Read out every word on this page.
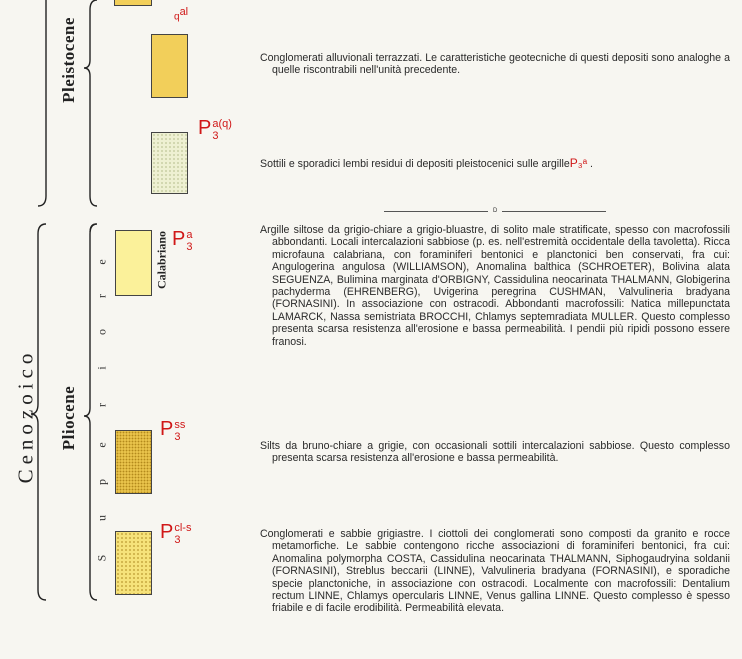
Cenozoico
Pleistocene
Pliocene
S
u
p
e
r
i
o
r
e	Calabriano
$q^{al}$
Pa(q)
3
Pa
3
Pss
3
Pcl-s
3
Conglomerati alluvionali terrazzati. Le caratteristiche geotecniche di questi depositi sono analoghe a quelle riscontrabili nell'unità precedente.
Sottili e sporadici lembi residui di depositi pleistocenici sulle argilleP₃ᵃ .
D
Argille siltose da grigio-chiare a grigio-bluastre, di solito male stratificate, spesso con macrofossili abbondanti. Locali intercalazioni sabbiose (p. es. nell'estremità occidentale della tavoletta). Ricca microfauna calabriana, con foraminiferi bentonici e planctonici ben conservati, fra cui: Angulogerina angulosa (WILLIAMSON), Anomalina balthica (SCHROETER), Bolivina alata SEGUENZA, Bulimina marginata d'ORBIGNY, Cassidulina neocarinata THALMANN, Globigerina pachyderma (EHRENBERG), Uvigerina peregrina CUSHMAN, Valvulineria bradyana (FORNASINI). In associazione con ostracodi. Abbondanti macrofossili: Natica millepunctata LAMARCK, Nassa semistriata BROCCHI, Chlamys septemradiata MULLER. Questo complesso presenta scarsa resistenza all'erosione e bassa permeabilità. I pendii più ripidi possono essere franosi.
Silts da bruno-chiare a grigie, con occasionali sottili intercalazioni sabbiose. Questo complesso presenta scarsa resistenza all'erosione e bassa permeabilità.
Conglomerati e sabbie grigiastre. I ciottoli dei conglomerati sono composti da granito e rocce metamorfiche. Le sabbie contengono ricche associazioni di foraminiferi bentonici, fra cui: Anomalina polymorpha COSTA, Cassidulina neocarinata THALMANN, Siphogaudryina soldanii (FORNASINI), Streblus beccarii (LINNE), Valvulineria bradyana (FORNASINI), e sporadiche specie planctoniche, in associazione con ostracodi. Localmente con macrofossili: Dentalium rectum LINNE, Chlamys opercularis LINNE, Venus gallina LINNE. Questo complesso è spesso friabile e di facile erodibilità. Permeabilità elevata.
